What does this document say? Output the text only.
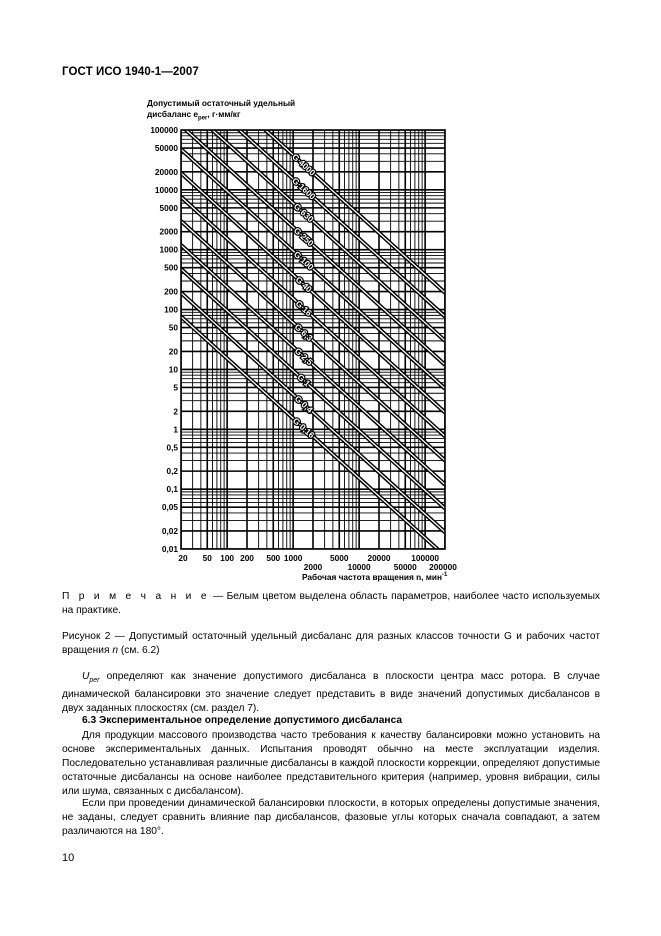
ГОСТ ИСО 1940-1—2007
Допустимый остаточный удельный
дисбаланс $e_{per}$, г·мм/кг
G 4000
G 1600
G 630
G 250
G 100
G 40
G 16
G 6,3
G 2,5
G 1
G 0,4
G 0,16
100000
50000
20000
10000
5000
2000
1000
500
200
100
50
20
10
5
2
1
0,5
0,2
0,1
0,05
0,02
0,01
20 50 100 200 500 1000
2000
5000
10000
20000
50000
100000
200000
Рабочая частота вращения n, мин$^{-1}$
П р и м е ч а н и е — Белым цветом выделена область параметров, наиболее часто используемых на практике.
Рисунок 2 — Допустимый остаточный удельный дисбаланс для разных классов точности G и рабочих частот вращения n (см. 6.2)
$U_{per}$ определяют как значение допустимого дисбаланса в плоскости центра масс ротора. В случае динамической балансировки это значение следует представить в виде значений допустимых дисбалансов в двух заданных плоскостях (см. раздел 7).
6.3 Экспериментальное определение допустимого дисбаланса
Для продукции массового производства часто требования к качеству балансировки можно установить на основе экспериментальных данных. Испытания проводят обычно на месте эксплуатации изделия. Последовательно устанавливая различные дисбалансы в каждой плоскости коррекции, определяют допустимые остаточные дисбалансы на основе наиболее представительного критерия (например, уровня вибрации, силы или шума, связанных с дисбалансом).
Если при проведении динамической балансировки плоскости, в которых определены допустимые значения, не заданы, следует сравнить влияние пар дисбалансов, фазовые углы которых сначала совпадают, а затем различаются на 180°.
10
